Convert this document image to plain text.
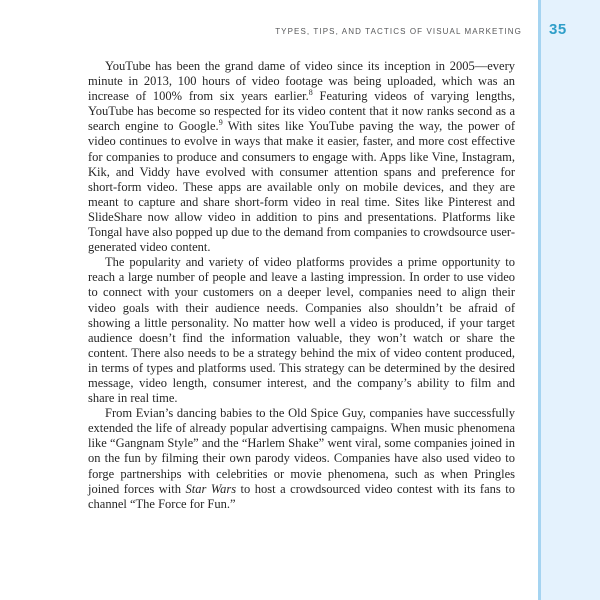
TYPES, TIPS, AND TACTICS OF VISUAL MARKETING 35

YouTube has been the grand dame of video since its inception in 2005—every minute in 2013, 100 hours of video footage was being uploaded, which was an increase of 100% from six years earlier.$^8$ Featuring videos of varying lengths, YouTube has become so respected for its video content that it now ranks second as a search engine to Google.$^9$ With sites like YouTube paving the way, the power of video continues to evolve in ways that make it easier, faster, and more cost effective for companies to produce and consumers to engage with. Apps like Vine, Instagram, Kik, and Viddy have evolved with consumer attention spans and preference for short-form video. These apps are available only on mobile devices, and they are meant to capture and share short-form video in real time. Sites like Pinterest and SlideShare now allow video in addition to pins and presentations. Platforms like Tongal have also popped up due to the demand from companies to crowdsource user-generated video content.

The popularity and variety of video platforms provides a prime opportunity to reach a large number of people and leave a lasting impression. In order to use video to connect with your customers on a deeper level, companies need to align their video goals with their audience needs. Companies also shouldn’t be afraid of showing a little personality. No matter how well a video is produced, if your target audience doesn’t find the information valuable, they won’t watch or share the content. There also needs to be a strategy behind the mix of video content produced, in terms of types and platforms used. This strategy can be determined by the desired message, video length, consumer interest, and the company’s ability to film and share in real time.

From Evian’s dancing babies to the Old Spice Guy, companies have successfully extended the life of already popular advertising campaigns. When music phenomena like “Gangnam Style” and the “Harlem Shake” went viral, some companies joined in on the fun by filming their own parody videos. Companies have also used video to forge partnerships with celebrities or movie phenomena, such as when Pringles joined forces with Star Wars to host a crowdsourced video contest with its fans to channel “The Force for Fun.”
